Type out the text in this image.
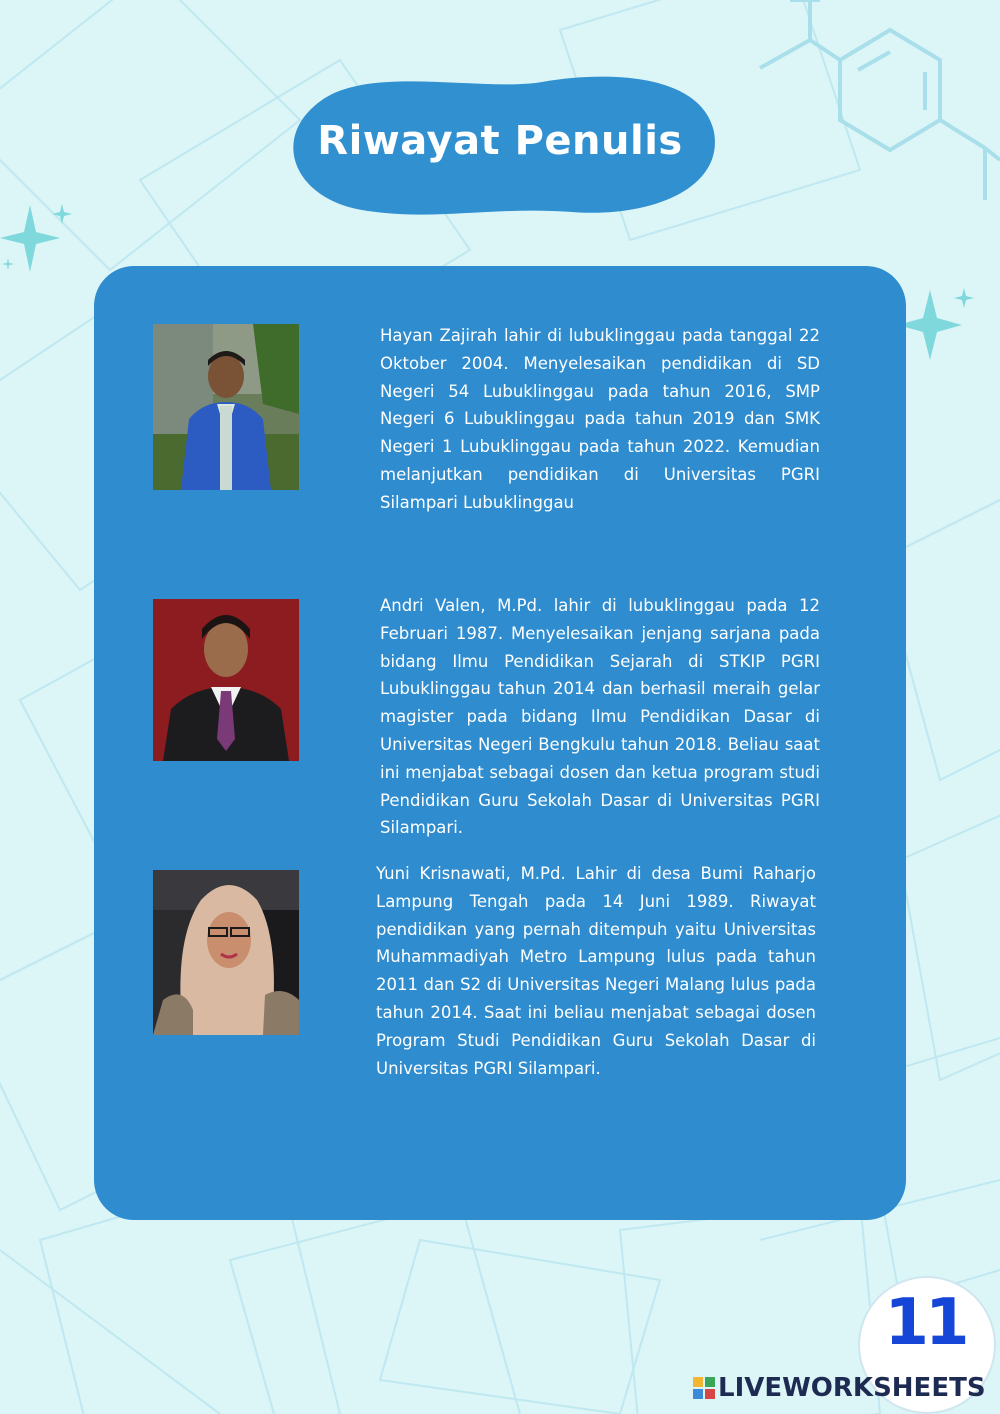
Riwayat Penulis

Hayan Zajirah lahir di lubuklinggau pada tanggal 22 Oktober 2004. Menyelesaikan pendidikan di SD Negeri 54 Lubuklinggau pada tahun 2016, SMP Negeri 6 Lubuklinggau pada tahun 2019 dan SMK Negeri 1 Lubuklinggau pada tahun 2022. Kemudian melanjutkan pendidikan di Universitas PGRI Silampari Lubuklinggau

Andri Valen, M.Pd. lahir di lubuklinggau pada 12 Februari 1987. Menyelesaikan jenjang sarjana pada bidang Ilmu Pendidikan Sejarah di STKIP PGRI Lubuklinggau tahun 2014 dan berhasil meraih gelar magister pada bidang Ilmu Pendidikan Dasar di Universitas Negeri Bengkulu tahun 2018. Beliau saat ini menjabat sebagai dosen dan ketua program studi Pendidikan Guru Sekolah Dasar di Universitas PGRI Silampari.

Yuni Krisnawati, M.Pd. Lahir di desa Bumi Raharjo Lampung Tengah pada 14 Juni 1989. Riwayat pendidikan yang pernah ditempuh yaitu Universitas Muhammadiyah Metro Lampung lulus pada tahun 2011 dan S2 di Universitas Negeri Malang lulus pada tahun 2014. Saat ini beliau menjabat sebagai dosen Program Studi Pendidikan Guru Sekolah Dasar di Universitas PGRI Silampari.

11
LIVEWORKSHEETS
